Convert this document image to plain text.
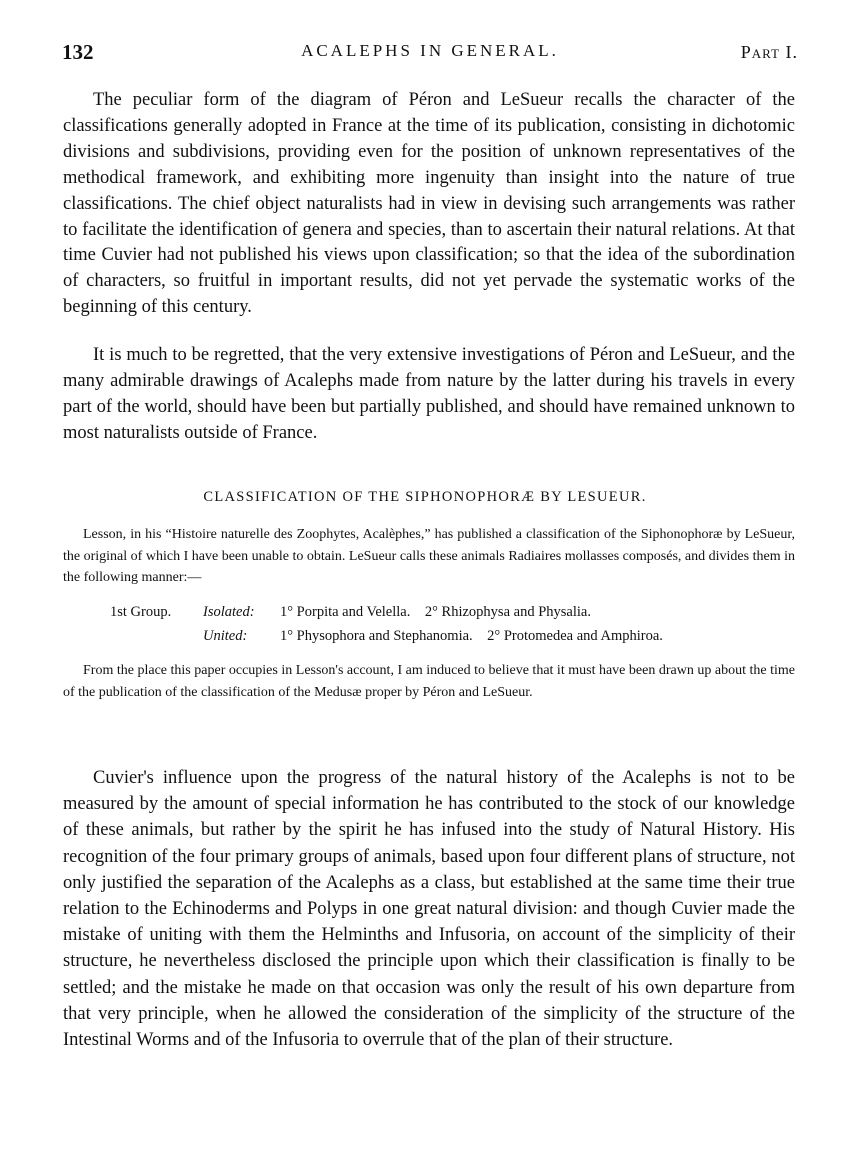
132	ACALEPHS IN GENERAL.	Part I.

The peculiar form of the diagram of Péron and LeSueur recalls the character of the classifications generally adopted in France at the time of its publication, consisting in dichotomic divisions and subdivisions, providing even for the position of unknown representatives of the methodical framework, and exhibiting more ingenuity than insight into the nature of true classifications. The chief object naturalists had in view in devising such arrangements was rather to facilitate the identification of genera and species, than to ascertain their natural relations. At that time Cuvier had not published his views upon classification; so that the idea of the subordination of characters, so fruitful in important results, did not yet pervade the systematic works of the beginning of this century.

It is much to be regretted, that the very extensive investigations of Péron and LeSueur, and the many admirable drawings of Acalephs made from nature by the latter during his travels in every part of the world, should have been but partially published, and should have remained unknown to most naturalists outside of France.

CLASSIFICATION OF THE SIPHONOPHORÆ BY LESUEUR.

Lesson, in his “Histoire naturelle des Zoophytes, Acalèphes,” has published a classification of the Siphonophoræ by LeSueur, the original of which I have been unable to obtain. LeSueur calls these animals Radiaires mollasses composés, and divides them in the following manner:—

1st Group. Isolated: 1° Porpita and Velella.    2° Rhizophysa and Physalia.
United: 1° Physophora and Stephanomia.    2° Protomedea and Amphiroa.

From the place this paper occupies in Lesson's account, I am induced to believe that it must have been drawn up about the time of the publication of the classification of the Medusæ proper by Péron and LeSueur.

Cuvier's influence upon the progress of the natural history of the Acalephs is not to be measured by the amount of special information he has contributed to the stock of our knowledge of these animals, but rather by the spirit he has infused into the study of Natural History. His recognition of the four primary groups of animals, based upon four different plans of structure, not only justified the separation of the Acalephs as a class, but established at the same time their true relation to the Echinoderms and Polyps in one great natural division: and though Cuvier made the mistake of uniting with them the Helminths and Infusoria, on account of the simplicity of their structure, he nevertheless disclosed the principle upon which their classification is finally to be settled; and the mistake he made on that occasion was only the result of his own departure from that very principle, when he allowed the consideration of the simplicity of the structure of the Intestinal Worms and of the Infusoria to overrule that of the plan of their structure.
